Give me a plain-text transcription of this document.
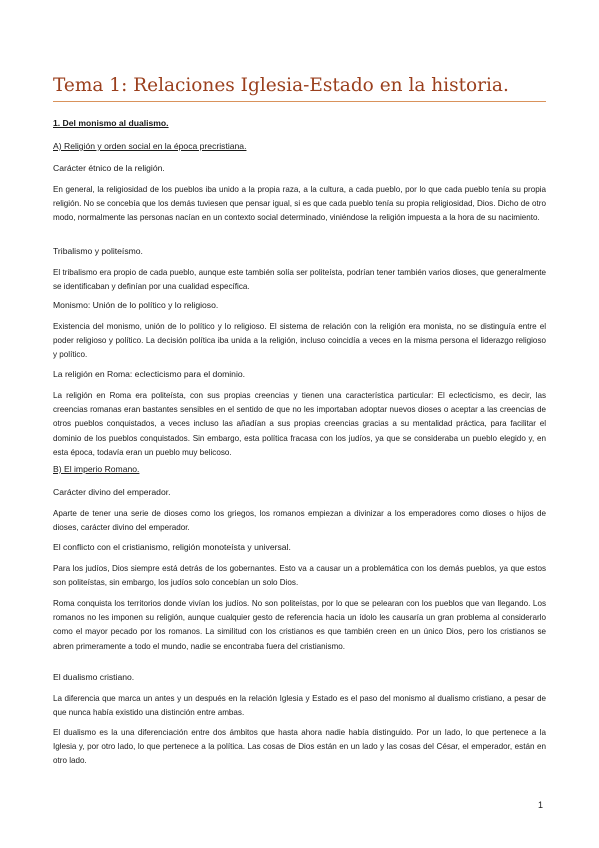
Tema 1: Relaciones Iglesia-Estado en la historia.

1. Del monismo al dualismo.

A) Religión y orden social en la época precristiana.

Carácter étnico de la religión.

En general, la religiosidad de los pueblos iba unido a la propia raza, a la cultura, a cada pueblo, por lo que cada pueblo tenía su propia religión. No se concebía que los demás tuviesen que pensar igual, si es que cada pueblo tenía su propia religiosidad, Dios. Dicho de otro modo, normalmente las personas nacían en un contexto social determinado, viniéndose la religión impuesta a la hora de su nacimiento.

Tribalismo y politeísmo.

El tribalismo era propio de cada pueblo, aunque este también solía ser politeísta, podrían tener también varios dioses, que generalmente se identificaban y definían por una cualidad específica.

Monismo: Unión de lo político y lo religioso.

Existencia del monismo, unión de lo político y lo religioso. El sistema de relación con la religión era monista, no se distinguía entre el poder religioso y político. La decisión política iba unida a la religión, incluso coincidía a veces en la misma persona el liderazgo religioso y político.

La religión en Roma: eclecticismo para el dominio.

La religión en Roma era politeísta, con sus propias creencias y tienen una característica particular: El eclecticismo, es decir, las creencias romanas eran bastantes sensibles en el sentido de que no les importaban adoptar nuevos dioses o aceptar a las creencias de otros pueblos conquistados, a veces incluso las añadían a sus propias creencias gracias a su mentalidad práctica, para facilitar el dominio de los pueblos conquistados. Sin embargo, esta política fracasa con los judíos, ya que se consideraba un pueblo elegido y, en esta época, todavía eran un pueblo muy belicoso.

B) El imperio Romano.

Carácter divino del emperador.

Aparte de tener una serie de dioses como los griegos, los romanos empiezan a divinizar a los emperadores como dioses o hijos de dioses, carácter divino del emperador.

El conflicto con el cristianismo, religión monoteísta y universal.

Para los judíos, Dios siempre está detrás de los gobernantes. Esto va a causar un a problemática con los demás pueblos, ya que estos son politeístas, sin embargo, los judíos solo concebían un solo Dios.

Roma conquista los territorios donde vivían los judíos. No son politeístas, por lo que se pelearan con los pueblos que van llegando. Los romanos no les imponen su religión, aunque cualquier gesto de referencia hacia un ídolo les causaría un gran problema al considerarlo como el mayor pecado por los romanos. La similitud con los cristianos es que también creen en un único Dios, pero los cristianos se abren primeramente a todo el mundo, nadie se encontraba fuera del cristianismo.

El dualismo cristiano.

La diferencia que marca un antes y un después en la relación Iglesia y Estado es el paso del monismo al dualismo cristiano, a pesar de que nunca había existido una distinción entre ambas.

El dualismo es la una diferenciación entre dos ámbitos que hasta ahora nadie había distinguido. Por un lado, lo que pertenece a la Iglesia y, por otro lado, lo que pertenece a la política. Las cosas de Dios están en un lado y las cosas del César, el emperador, están en otro lado.

1
